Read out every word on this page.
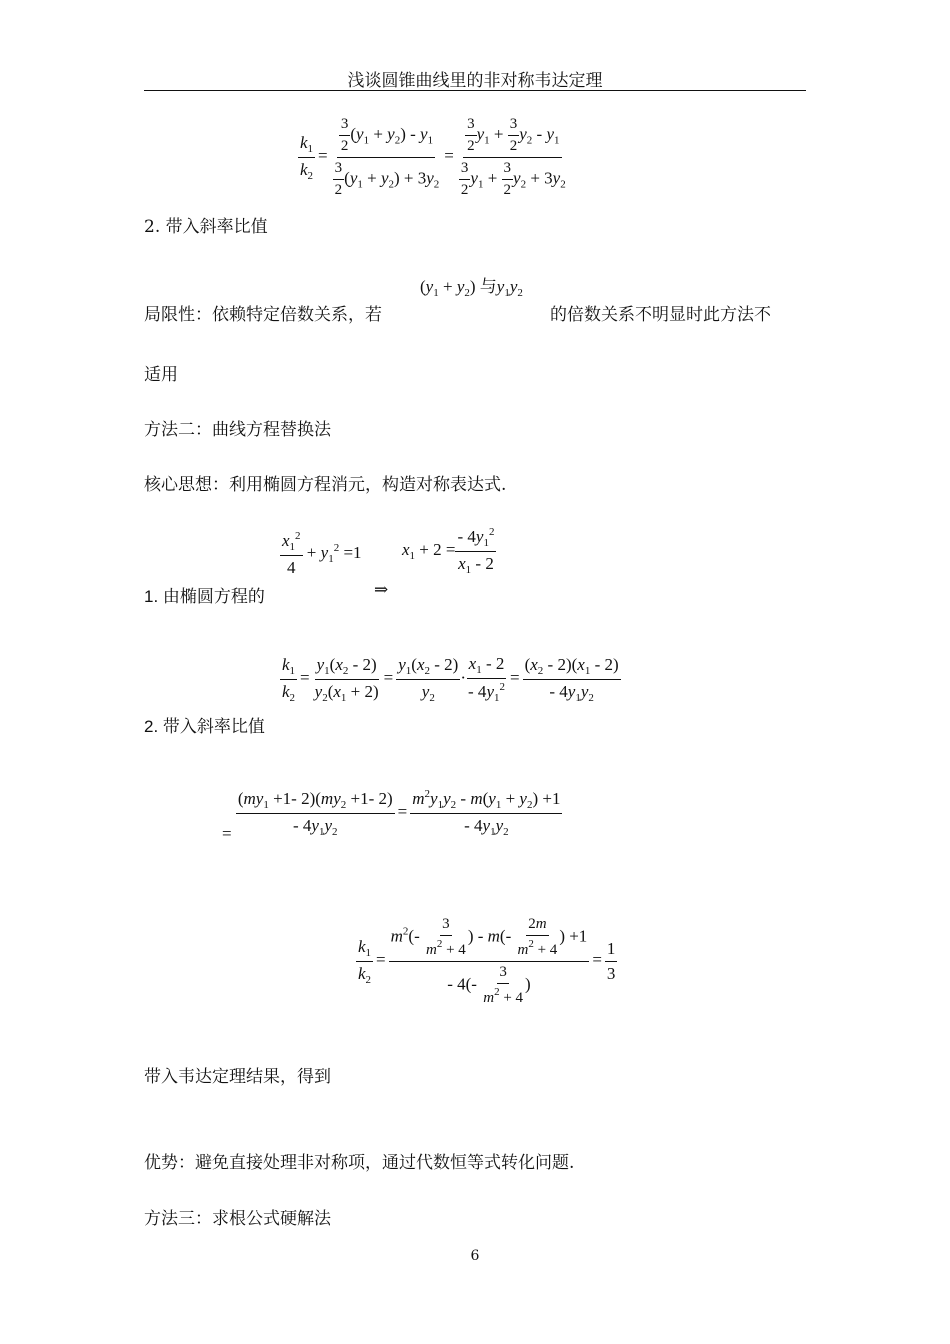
浅谈圆锥曲线里的非对称韦达定理
$\frac{k_1}{k_2} = \frac{\frac{3}{2} (y_1 + y_2) - y_1}{\frac{3}{2} (y_1 + y_2) + 3y_2} = \frac{\frac{3}{2} y_1 + \frac{3}{2} y_2 - y_1}{\frac{3}{2} y_1 + \frac{3}{2} y_2 + 3y_2}$
2. 带入斜率比值
$(y_1 + y_2)$ 与$y_1y_2$
局限性：依赖特定倍数关系，若	的倍数关系不明显时此方法不
适用
方法二：曲线方程替换法
核心思想：利用椭圆方程消元，构造对称表达式.
$\frac{x_1^2}{4} + y_1^2 =1$ $x_1 + 2 = \frac{- 4y_1^2}{x_1 - 2}$
1. 由椭圆方程的	⇒
$\frac{k_1}{k_2} = \frac{y_1(x_2 - 2)}{y_2(x_1 + 2)} = \frac{y_1(x_2 - 2)}{y_2} \cdot \frac{x_1 - 2}{- 4y_1^2} = \frac{(x_2 - 2)(x_1 - 2)}{- 4y_1y_2}$
2. 带入斜率比值
= $\frac{(my_1 +1- 2)(my_2 +1- 2)}{- 4y_1y_2} = \frac{m^2y_1y_2 - m(y_1 + y_2) +1}{- 4y_1y_2}$
$\frac{k_1}{k_2} = \frac{m^2(- \frac{3}{m^2 + 4} ) - m(- \frac{2m}{m^2 + 4} ) +1}{- 4(- \frac{3}{m^2 + 4} )} = \frac{1}{3}$
带入韦达定理结果，得到
优势：避免直接处理非对称项，通过代数恒等式转化问题.
方法三：求根公式硬解法
6
